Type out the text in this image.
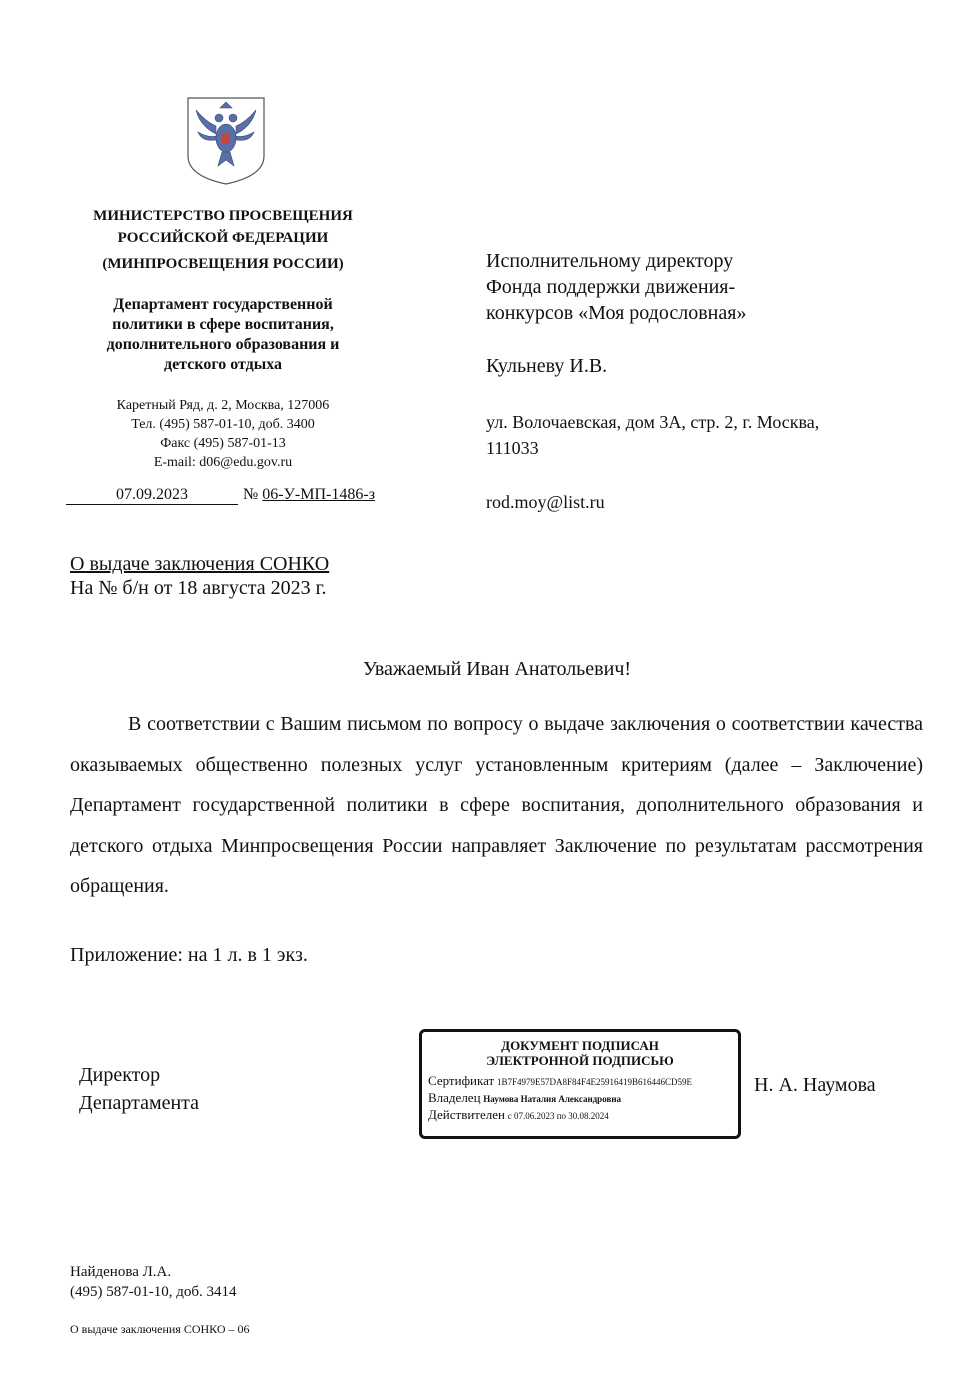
МИНИСТЕРСТВО ПРОСВЕЩЕНИЯ
РОССИЙСКОЙ ФЕДЕРАЦИИ
(МИНПРОСВЕЩЕНИЯ РОССИИ)
Департамент государственной
политики в сфере воспитания,
дополнительного образования и
детского отдыха
Каретный Ряд, д. 2, Москва, 127006
Тел. (495) 587-01-10, доб. 3400
Факс (495) 587-01-13
E-mail: d06@edu.gov.ru
07.09.2023	№ 06-У-МП-1486-з
Исполнительному директору
Фонда поддержки движения-
конкурсов «Моя родословная»
Кульневу И.В.
ул. Волочаевская, дом 3А, стр. 2, г. Москва,
111033
rod.moy@list.ru
О выдаче заключения СОНКО
На № б/н от 18 августа 2023 г.
Уважаемый Иван Анатольевич!
В соответствии с Вашим письмом по вопросу о выдаче заключения о соответствии качества оказываемых общественно полезных услуг установленным критериям (далее – Заключение) Департамент государственной политики в сфере воспитания, дополнительного образования и детского отдыха Минпросвещения России направляет Заключение по результатам рассмотрения обращения.
Приложение: на 1 л. в 1 экз.
Директор
Департамента
ДОКУМЕНТ ПОДПИСАН
ЭЛЕКТРОННОЙ ПОДПИСЬЮ
Сертификат 1B7F4979E57DA8F84F4E25916419B616446CD59E
Владелец Наумова Наталия Александровна
Действителен с 07.06.2023 по 30.08.2024
Н. А. Наумова
Найденова Л.А.
(495) 587-01-10, доб. 3414
О выдаче заключения СОНКО – 06
